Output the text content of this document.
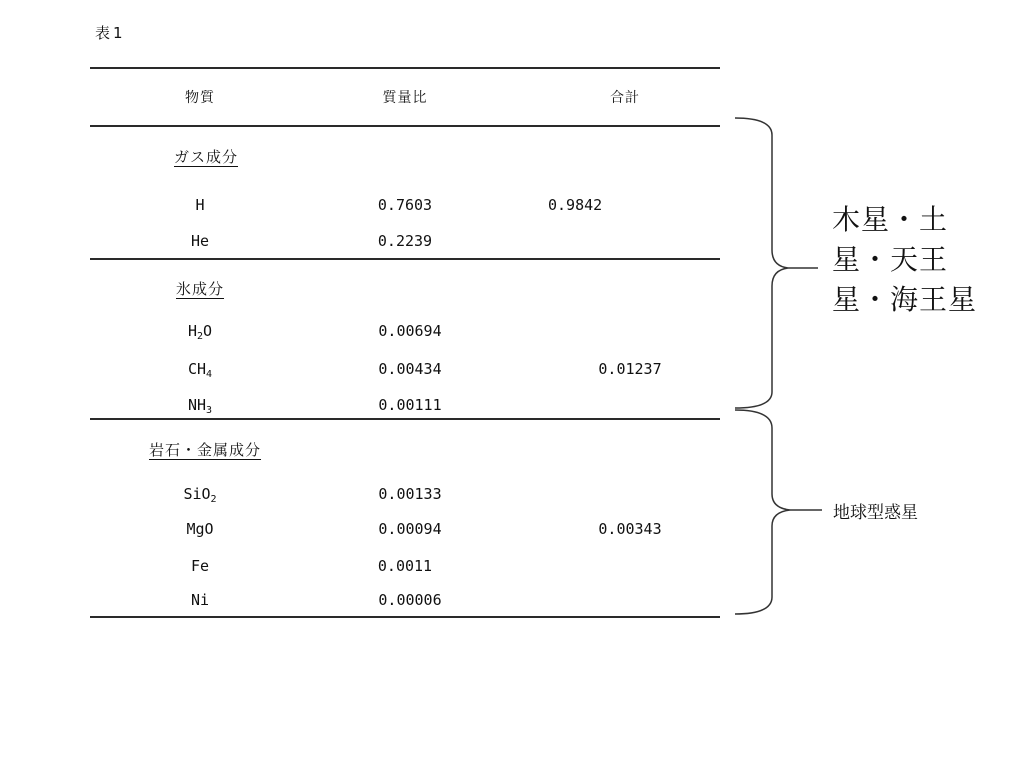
表1
物質	質量比	合計
ガス成分
H	0.7603	0.9842
He	0.2239
氷成分
$H_2O$	0.00694
$CH_4$	0.00434	0.01237
$NH_3$	0.00111
岩石・金属成分
SiO$_2$	0.00133
MgO	0.00094	0.00343
Fe	0.0011
Ni	0.00006
木星・土星・天王星・海王星
地球型惑星
